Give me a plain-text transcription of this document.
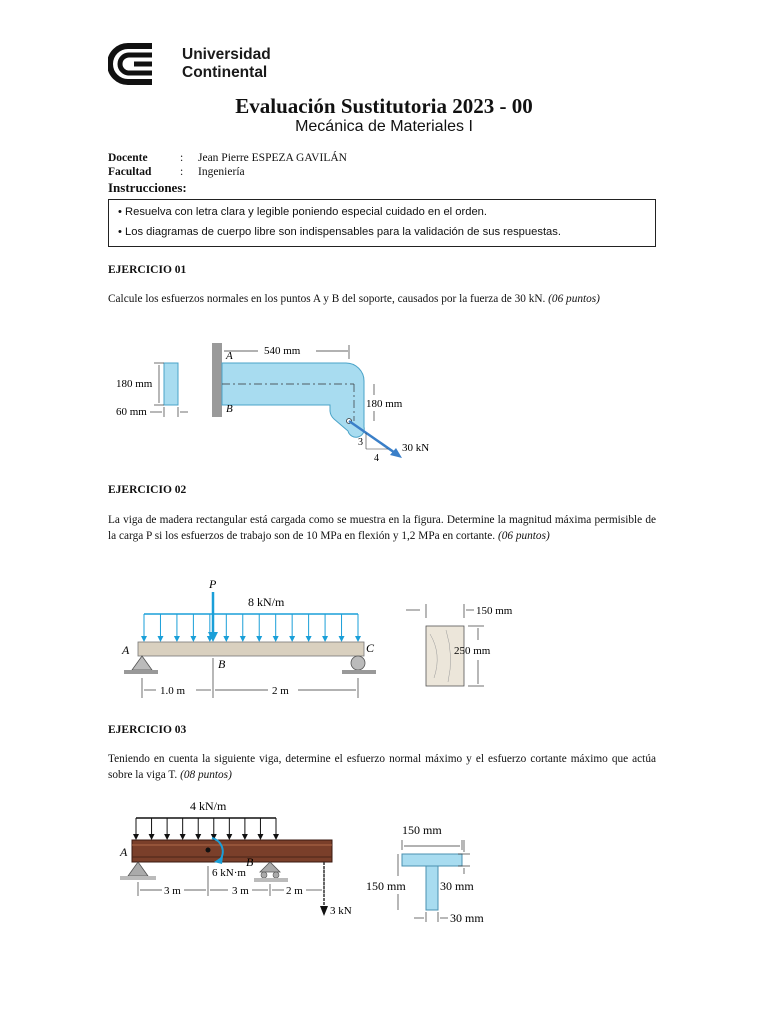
Universidad
Continental
Evaluación Sustitutoria 2023 - 00
Mecánica de Materiales I
Docente	: Jean Pierre ESPEZA GAVILÁN
Facultad : Ingeniería
Instrucciones:
• Resuelva con letra clara y legible poniendo especial cuidado en el orden.
• Los diagramas de cuerpo libre son indispensables para la validación de sus respuestas.
EJERCICIO 01
Calcule los esfuerzos normales en los puntos A y B del soporte, causados por la fuerza de 30 kN. (06 puntos)
180 mm
60 mm
A
B
540 mm
180 mm
3
4
30 kN
EJERCICIO 02
La viga de madera rectangular está cargada como se muestra en la figura. Determine la magnitud máxima permisible de la carga P si los esfuerzos de trabajo son de 10 MPa en flexión y 1,2 MPa en cortante. (06 puntos)
P
8 kN/m
A
B
C
1.0 m	2 m
150 mm
250 mm
EJERCICIO 03
Teniendo en cuenta la siguiente viga, determine el esfuerzo normal máximo y el esfuerzo cortante máximo que actúa sobre la viga T. (08 puntos)
4 kN/m
A
B
6 kN·m
3 m	3 m	2 m
3 kN
150 mm
150 mm	30 mm
30 mm
